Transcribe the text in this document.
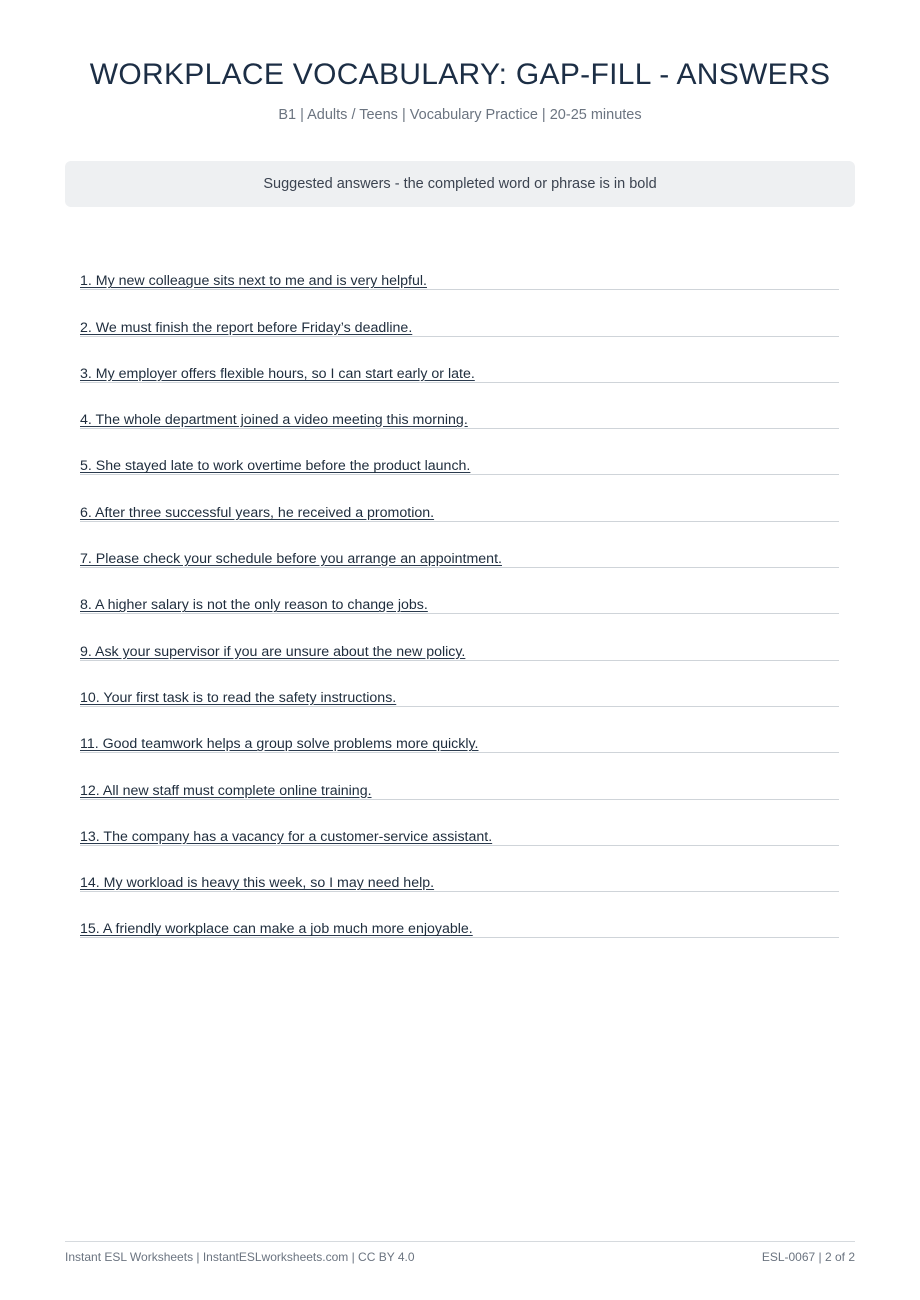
WORKPLACE VOCABULARY: GAP-FILL - ANSWERS
B1 | Adults / Teens | Vocabulary Practice | 20-25 minutes
Suggested answers - the completed word or phrase is in bold
1. My new colleague sits next to me and is very helpful.
2. We must finish the report before Friday’s deadline.
3. My employer offers flexible hours, so I can start early or late.
4. The whole department joined a video meeting this morning.
5. She stayed late to work overtime before the product launch.
6. After three successful years, he received a promotion.
7. Please check your schedule before you arrange an appointment.
8. A higher salary is not the only reason to change jobs.
9. Ask your supervisor if you are unsure about the new policy.
10. Your first task is to read the safety instructions.
11. Good teamwork helps a group solve problems more quickly.
12. All new staff must complete online training.
13. The company has a vacancy for a customer-service assistant.
14. My workload is heavy this week, so I may need help.
15. A friendly workplace can make a job much more enjoyable.
Instant ESL Worksheets | InstantESLworksheets.com | CC BY 4.0	ESL-0067 | 2 of 2
